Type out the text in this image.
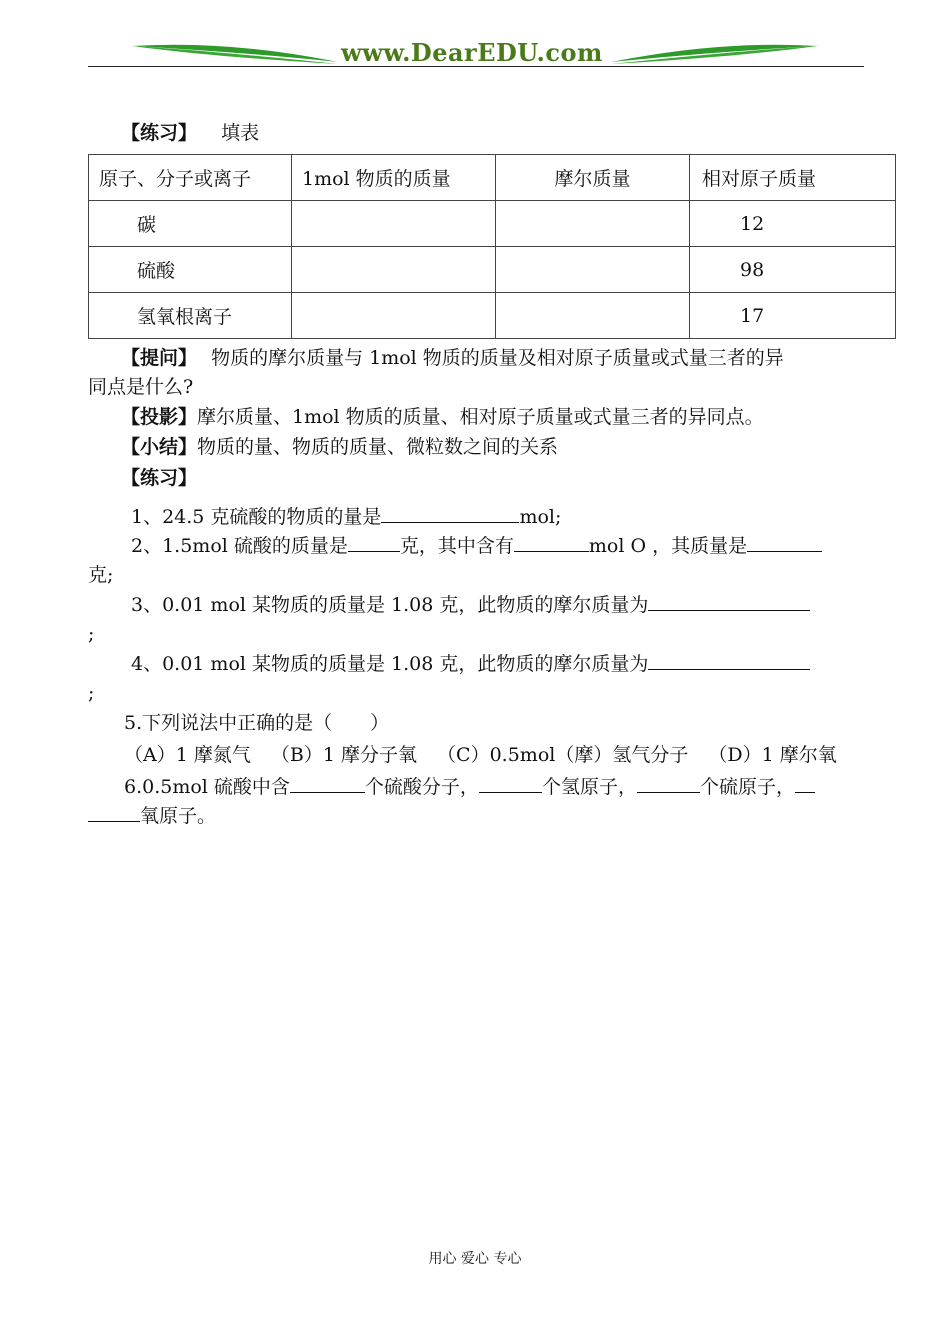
www.DearEDU.com
【练习】 填表
原子、分子或离子	1mol 物质的质量	摩尔质量	相对原子质量
碳			12
硫酸			98
氢氧根离子			17
【提问】 物质的摩尔质量与 1mol 物质的质量及相对原子质量或式量三者的异
同点是什么?
【投影】摩尔质量、1mol 物质的质量、相对原子质量或式量三者的异同点。
【小结】物质的量、物质的质量、微粒数之间的关系
【练习】
1、24.5 克硫酸的物质的量是	mol;
2、1.5mol 硫酸的质量是	克，其中含有	mol O ，其质量是
克;
3、0.01 mol 某物质的质量是 1.08 克，此物质的摩尔质量为
;
4、0.01 mol 某物质的质量是 1.08 克，此物质的摩尔质量为
;
5.下列说法中正确的是（　　）
（A）1 摩氮气 （B）1 摩分子氧 （C）0.5mol（摩）氢气分子 （D）1 摩尔氧
6.0.5mol 硫酸中含	个硫酸分子，	个氢原子，	个硫原子，
氧原子。
用心 爱心 专心
